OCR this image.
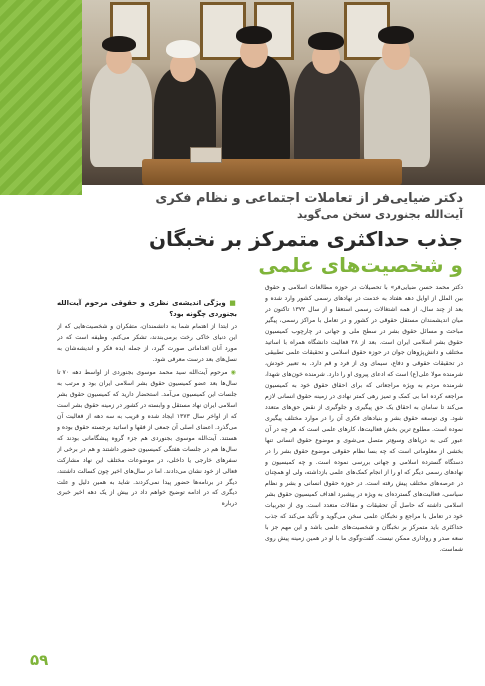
دکتر ضیایی‌فر از تعاملات اجتماعی و نظام فکری
آیت‌الله بجنوردی سخن می‌گوید
جذب حداکثری متمرکز بر نخبگان
و شخصیت‌های علمی
دکتر محمد حسن ضیایی‌فر» با تحصیلات در حوزه مطالعات اسلامی و حقوق بین الملل از اوایل دهه هفتاد به خدمت در نهادهای رسمی کشور وارد شده و بعد از چند سال، از همه اشتغالات رسمی استعفا و از سال ۱۳۷۲ تاکنون در میان اندیشمندان مستقل حقوقی در کشور و در تعامل با مراکز رسمی، پیگیر مباحث و مسائل حقوق بشر در سطح ملی و جهانی در چارچوب کمیسیون حقوق بشر اسلامی ایران است. بعد از ۲۸ فعالیت دانشگاه همراه با اساتید مختلف و دانش‌پژوهان جوان در حوزه حقوق اسلامی و تحقیقات علمی تطبیقی در تحقیقات حقوقی و دفاع، سیمای وی از فرد و قم دارد. به تعبیر خودش، شرمنده مولا علی(ع) است که ادعای پیروی او را دارد. شرمنده خون‌های شهدا، شرمنده مردم به ویژه مراجعاتی که برای احقاق حقوق خود به کمیسیون مراجعه کرده‌ اما بی کمک و تمیز رهی کمتر نهادی در زمینه حقوق انسانی لازم می‌کند تا سامان به احقاق یک حق پیگیری و جلوگیری از نقض حق‌های متعدد شود. وی توسعه حقوق بشر و بنیادهای فکری آن را در موارد مختلف پیگیری نموده است. مطلوع ترین بخش فعالیت‌ها، کارهای علمی است که هر چه در آن عبور کنی به دریاهای وسیع‌تر متصل می‌شوی و موضوع حقوق انسانی تنها بخشی از معلوماتی است که چه بسا نظام حقوقی موضوع حقوق بشر را در دستگاه گسترده اسلامی و جهانی بررسی نموده است. و چه کمیسیون و نهادهای رسمی دیگر که او را از انجام کمک‌های علمی بازداشته، ولی او همچنان در عرصه‌های مختلف پیش رفته است. در حوزه حقوق انسانی و بشر و نظام سیاسی، فعالیت‌های گسترده‌ای به ویژه در پیشبرد اهداف کمیسیون حقوق بشر اسلامی داشته که حاصل آن تحقیقات و مقالات متعدد است. وی از تجربیات خود در تعامل با مراجع و نخبگان علمی سخن می‌گوید و تأکید می‌کند که جذب حداکثری باید متمرکز بر نخبگان و شخصیت‌های علمی باشد و این مهم جز با سعه صدر و رواداری ممکن نیست. گفت‌وگوی ما با او در همین زمینه پیش روی شماست.
■ ویژگی اندیشه‌ی نظری و حقوقی مرحوم آیت‌الله بجنوردی چگونه بود؟
در ابتدا از اهتمام شما به دانشمندان، متفکران و شخصیت‌هایی که از این دنیای خاکی رخت برمی‌بندند، تشکر می‌کنم. وظیفه است که در مورد آنان اقداماتی صورت گیرد، از جمله ایده فکر و اندیشه‌شان به نسل‌های بعد درست معرفی شود.
◉ مرحوم آیت‌الله سید محمد موسوی بجنوردی از اواسط دهه ۷۰ تا سال‌ها بعد عضو کمیسیون حقوق بشر اسلامی ایران بود و مرتب به جلسات این کمیسیون می‌آمد. استحضار دارید که کمیسیون حقوق بشر اسلامی ایران نهاد مستقل و وابسته در کشور در زمینه حقوق بشر است که از اواخر سال ۱۳۷۳ ایجاد شده و قریب به سه دهه از فعالیت آن می‌گذرد. اعضای اصلی آن جمعی از فقها و اساتید برجسته حقوق بوده و هستند. آیت‌الله موسوی بجنوردی هم جزء گروه پیشگامانی بودند که سال‌ها هم در جلسات هفتگی کمیسیون حضور داشتند و هم در برخی از سفرهای خارجی یا داخلی، در موضوعات مختلف این نهاد مشارکت فعالی از خود نشان می‌دادند. اما در سال‌های اخیر چون کسالت داشتند، دیگر در برنامه‌ها حضور پیدا نمی‌کردند. شاید به همین دلیل و علت دیگری که در ادامه توضیح خواهم داد در بیش از یک دهه اخیر خبری درباره
۵۹
